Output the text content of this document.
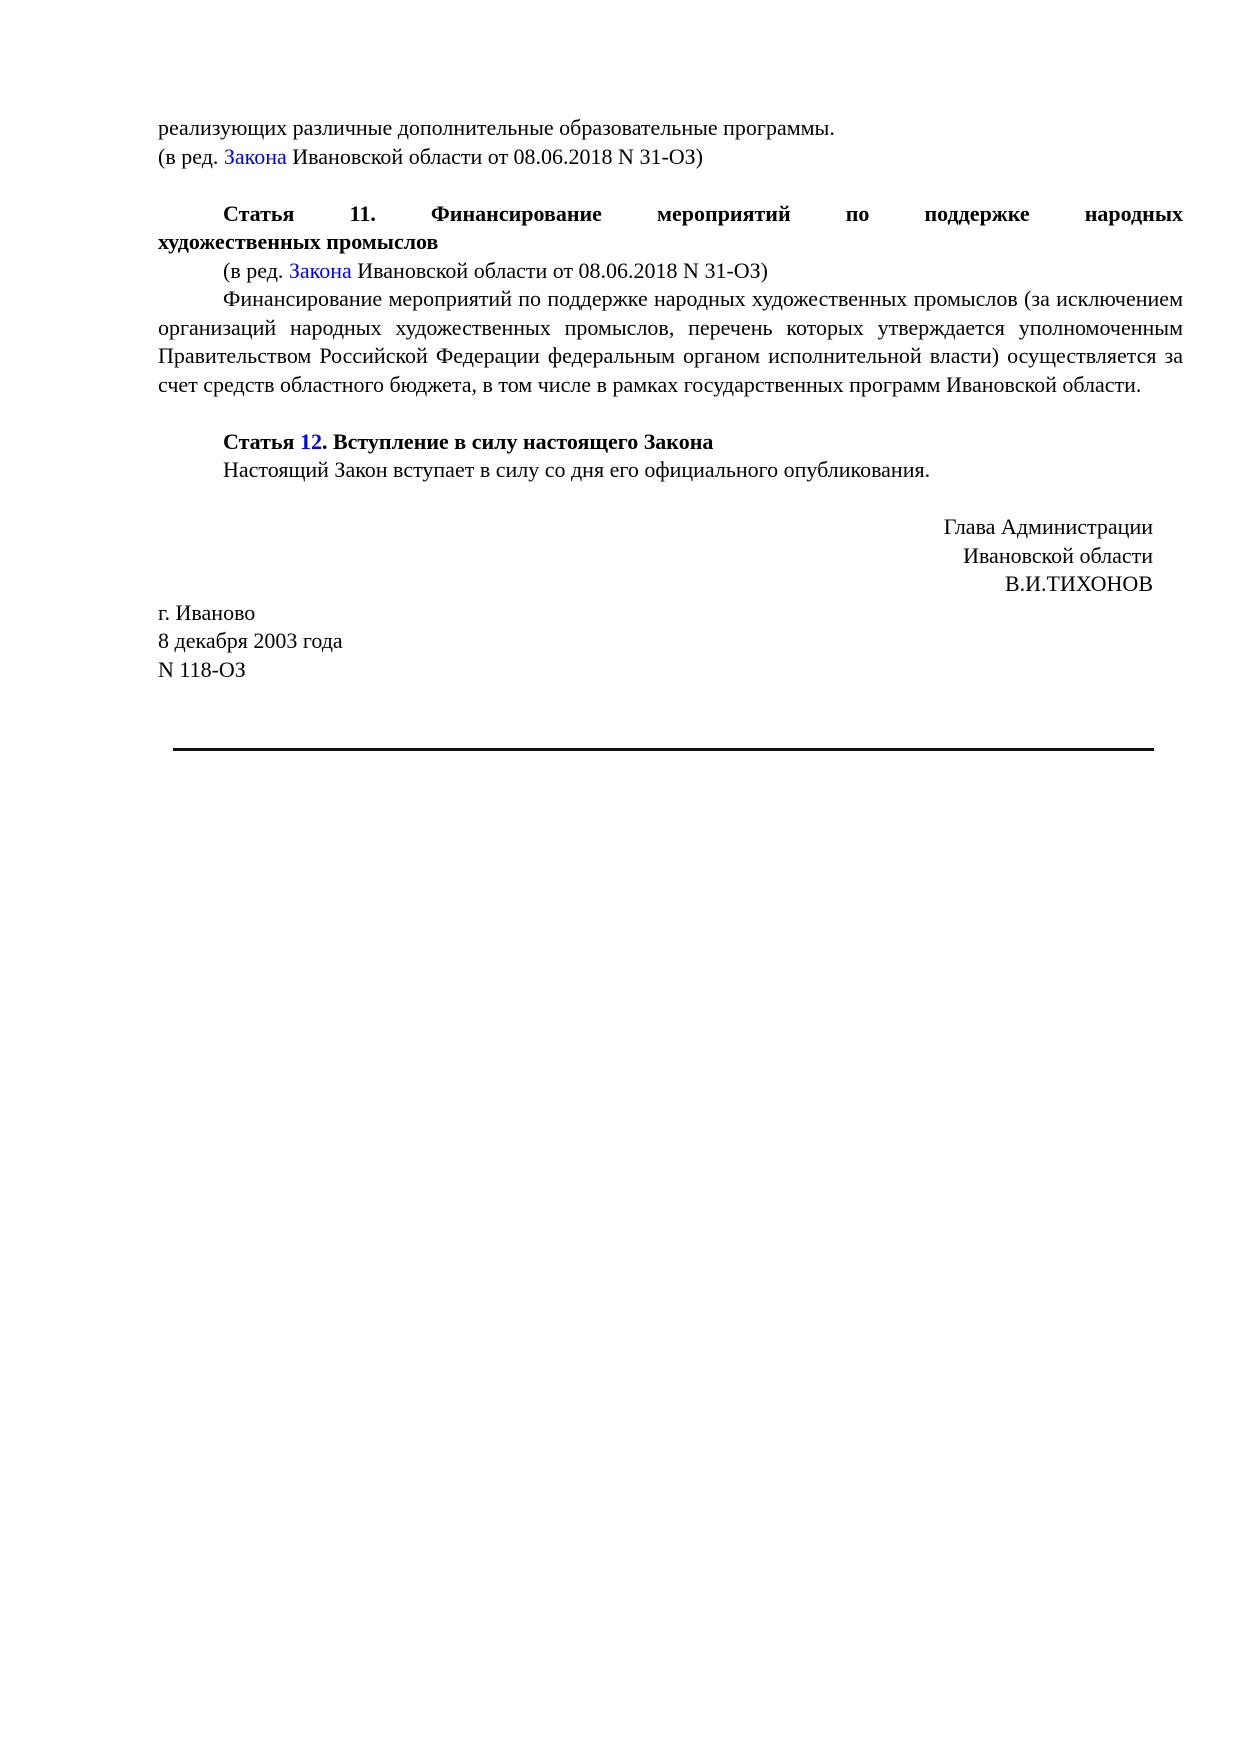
реализующих различные дополнительные образовательные программы.
(в ред. Закона Ивановской области от 08.06.2018 N 31-ОЗ)
Статья 11. Финансирование мероприятий по поддержке народных
художественных промыслов
(в ред. Закона Ивановской области от 08.06.2018 N 31-ОЗ)

Финансирование мероприятий по поддержке народных художественных промыслов (за исключением организаций народных художественных промыслов, перечень которых утверждается уполномоченным Правительством Российской Федерации федеральным органом исполнительной власти) осуществляется за счет средств областного бюджета, в том числе в рамках государственных программ Ивановской области.

Статья 12. Вступление в силу настоящего Закона

Настоящий Закон вступает в силу со дня его официального опубликования.

Глава Администрации
Ивановской области
В.И.ТИХОНОВ
г. Иваново

8 декабря 2003 года

N 118-ОЗ
